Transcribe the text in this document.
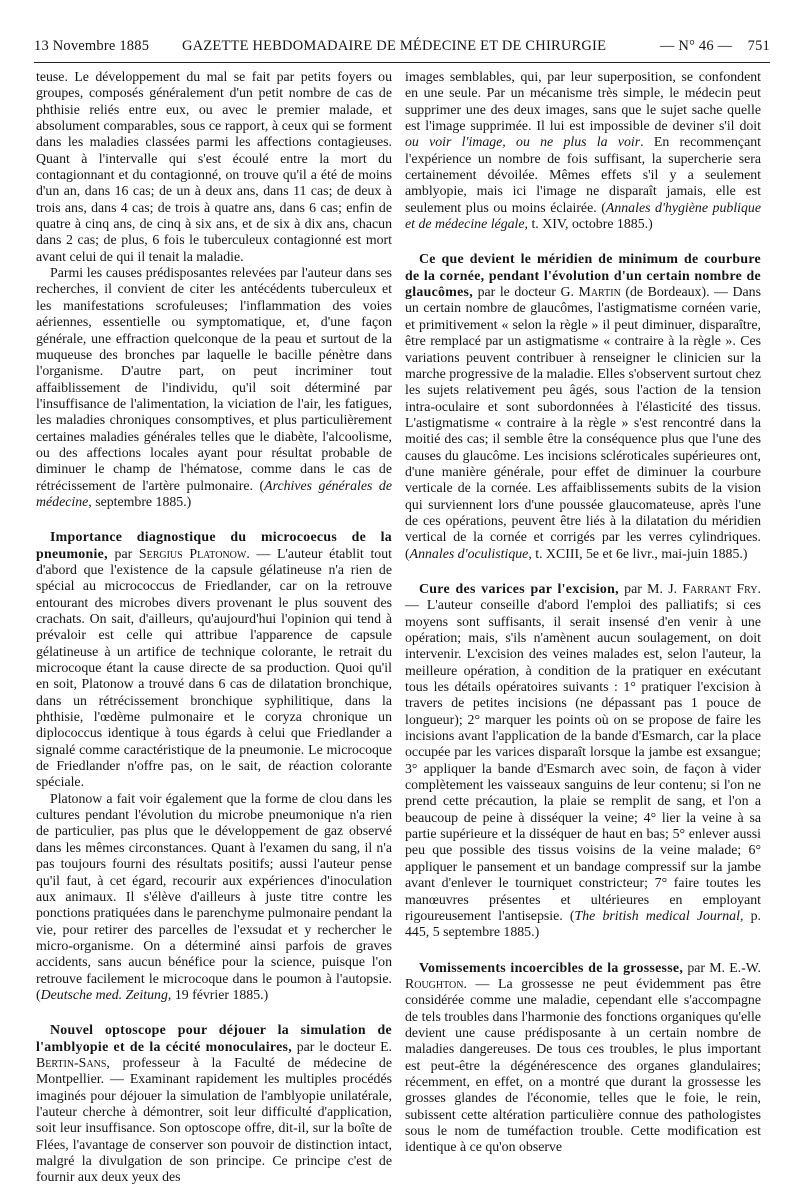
13 Novembre 1885 GAZETTE HEBDOMADAIRE DE MÉDECINE ET DE CHIRURGIE	— N° 46 — 751

teuse. Le développement du mal se fait par petits foyers ou groupes, composés généralement d'un petit nombre de cas de phthisie reliés entre eux, ou avec le premier malade, et absolument comparables, sous ce rapport, à ceux qui se forment dans les maladies classées parmi les affections contagieuses. Quant à l'intervalle qui s'est écoulé entre la mort du contagionnant et du contagionné, on trouve qu'il a été de moins d'un an, dans 16 cas; de un à deux ans, dans 11 cas; de deux à trois ans, dans 4 cas; de trois à quatre ans, dans 6 cas; enfin de quatre à cinq ans, de cinq à six ans, et de six à dix ans, chacun dans 2 cas; de plus, 6 fois le tuberculeux contagionné est mort avant celui de qui il tenait la maladie.

Parmi les causes prédisposantes relevées par l'auteur dans ses recherches, il convient de citer les antécédents tuberculeux et les manifestations scrofuleuses; l'inflammation des voies aériennes, essentielle ou symptomatique, et, d'une façon générale, une effraction quelconque de la peau et surtout de la muqueuse des bronches par laquelle le bacille pénètre dans l'organisme. D'autre part, on peut incriminer tout affaiblissement de l'individu, qu'il soit déterminé par l'insuffisance de l'alimentation, la viciation de l'air, les fatigues, les maladies chroniques consomptives, et plus particulièrement certaines maladies générales telles que le diabète, l'alcoolisme, ou des affections locales ayant pour résultat probable de diminuer le champ de l'hématose, comme dans le cas de rétrécissement de l'artère pulmonaire. (Archives générales de médecine, septembre 1885.)

Importance diagnostique du microcoecus de la pneumonie, par Sergius Platonow. — L'auteur établit tout d'abord que l'existence de la capsule gélatineuse n'a rien de spécial au micrococcus de Friedlander, car on la retrouve entourant des microbes divers provenant le plus souvent des crachats. On sait, d'ailleurs, qu'aujourd'hui l'opinion qui tend à prévaloir est celle qui attribue l'apparence de capsule gélatineuse à un artifice de technique colorante, le retrait du microcoque étant la cause directe de sa production. Quoi qu'il en soit, Platonow a trouvé dans 6 cas de dilatation bronchique, dans un rétrécissement bronchique syphilitique, dans la phthisie, l'œdème pulmonaire et le coryza chronique un diplococcus identique à tous égards à celui que Friedlander a signalé comme caractéristique de la pneumonie. Le microcoque de Friedlander n'offre pas, on le sait, de réaction colorante spéciale.

Platonow a fait voir également que la forme de clou dans les cultures pendant l'évolution du microbe pneumonique n'a rien de particulier, pas plus que le développement de gaz observé dans les mêmes circonstances. Quant à l'examen du sang, il n'a pas toujours fourni des résultats positifs; aussi l'auteur pense qu'il faut, à cet égard, recourir aux expériences d'inoculation aux animaux. Il s'élève d'ailleurs à juste titre contre les ponctions pratiquées dans le parenchyme pulmonaire pendant la vie, pour retirer des parcelles de l'exsudat et y rechercher le micro-organisme. On a déterminé ainsi parfois de graves accidents, sans aucun bénéfice pour la science, puisque l'on retrouve facilement le microcoque dans le poumon à l'autopsie. (Deutsche med. Zeitung, 19 février 1885.)

Nouvel optoscope pour déjouer la simulation de l'amblyopie et de la cécité monoculaires, par le docteur E. Bertin-Sans, professeur à la Faculté de médecine de Montpellier. — Examinant rapidement les multiples procédés imaginés pour déjouer la simulation de l'amblyopie unilatérale, l'auteur cherche à démontrer, soit leur difficulté d'application, soit leur insuffisance. Son optoscope offre, dit-il, sur la boîte de Flées, l'avantage de conserver son pouvoir de distinction intact, malgré la divulgation de son principe. Ce principe c'est de fournir aux deux yeux des

images semblables, qui, par leur superposition, se confondent en une seule. Par un mécanisme très simple, le médecin peut supprimer une des deux images, sans que le sujet sache quelle est l'image supprimée. Il lui est impossible de deviner s'il doit ou voir l'image, ou ne plus la voir. En recommençant l'expérience un nombre de fois suffisant, la supercherie sera certainement dévoilée. Mêmes effets s'il y a seulement amblyopie, mais ici l'image ne disparaît jamais, elle est seulement plus ou moins éclairée. (Annales d'hygiène publique et de médecine légale, t. XIV, octobre 1885.)

Ce que devient le méridien de minimum de courbure de la cornée, pendant l'évolution d'un certain nombre de glaucômes, par le docteur G. Martin (de Bordeaux). — Dans un certain nombre de glaucômes, l'astigmatisme cornéen varie, et primitivement « selon la règle » il peut diminuer, disparaître, être remplacé par un astigmatisme « contraire à la règle ». Ces variations peuvent contribuer à renseigner le clinicien sur la marche progressive de la maladie. Elles s'observent surtout chez les sujets relativement peu âgés, sous l'action de la tension intra-oculaire et sont subordonnées à l'élasticité des tissus. L'astigmatisme « contraire à la règle » s'est rencontré dans la moitié des cas; il semble être la conséquence plus que l'une des causes du glaucôme. Les incisions scléroticales supérieures ont, d'une manière générale, pour effet de diminuer la courbure verticale de la cornée. Les affaiblissements subits de la vision qui surviennent lors d'une poussée glaucomateuse, après l'une de ces opérations, peuvent être liés à la dilatation du méridien vertical de la cornée et corrigés par les verres cylindriques. (Annales d'oculistique, t. XCIII, 5e et 6e livr., mai-juin 1885.)

Cure des varices par l'excision, par M. J. Farrant Fry. — L'auteur conseille d'abord l'emploi des palliatifs; si ces moyens sont suffisants, il serait insensé d'en venir à une opération; mais, s'ils n'amènent aucun soulagement, on doit intervenir. L'excision des veines malades est, selon l'auteur, la meilleure opération, à condition de la pratiquer en exécutant tous les détails opératoires suivants : 1° pratiquer l'excision à travers de petites incisions (ne dépassant pas 1 pouce de longueur); 2° marquer les points où on se propose de faire les incisions avant l'application de la bande d'Esmarch, car la place occupée par les varices disparaît lorsque la jambe est exsangue; 3° appliquer la bande d'Esmarch avec soin, de façon à vider complètement les vaisseaux sanguins de leur contenu; si l'on ne prend cette précaution, la plaie se remplit de sang, et l'on a beaucoup de peine à disséquer la veine; 4° lier la veine à sa partie supérieure et la disséquer de haut en bas; 5° enlever aussi peu que possible des tissus voisins de la veine malade; 6° appliquer le pansement et un bandage compressif sur la jambe avant d'enlever le tourniquet constricteur; 7° faire toutes les manœuvres présentes et ultérieures en employant rigoureusement l'antisepsie. (The british medical Journal, p. 445, 5 septembre 1885.)

Vomissements incoercibles de la grossesse, par M. E.-W. Roughton. — La grossesse ne peut évidemment pas être considérée comme une maladie, cependant elle s'accompagne de tels troubles dans l'harmonie des fonctions organiques qu'elle devient une cause prédisposante à un certain nombre de maladies dangereuses. De tous ces troubles, le plus important est peut-être la dégénérescence des organes glandulaires; récemment, en effet, on a montré que durant la grossesse les grosses glandes de l'économie, telles que le foie, le rein, subissent cette altération particulière connue des pathologistes sous le nom de tuméfaction trouble. Cette modification est identique à ce qu'on observe
